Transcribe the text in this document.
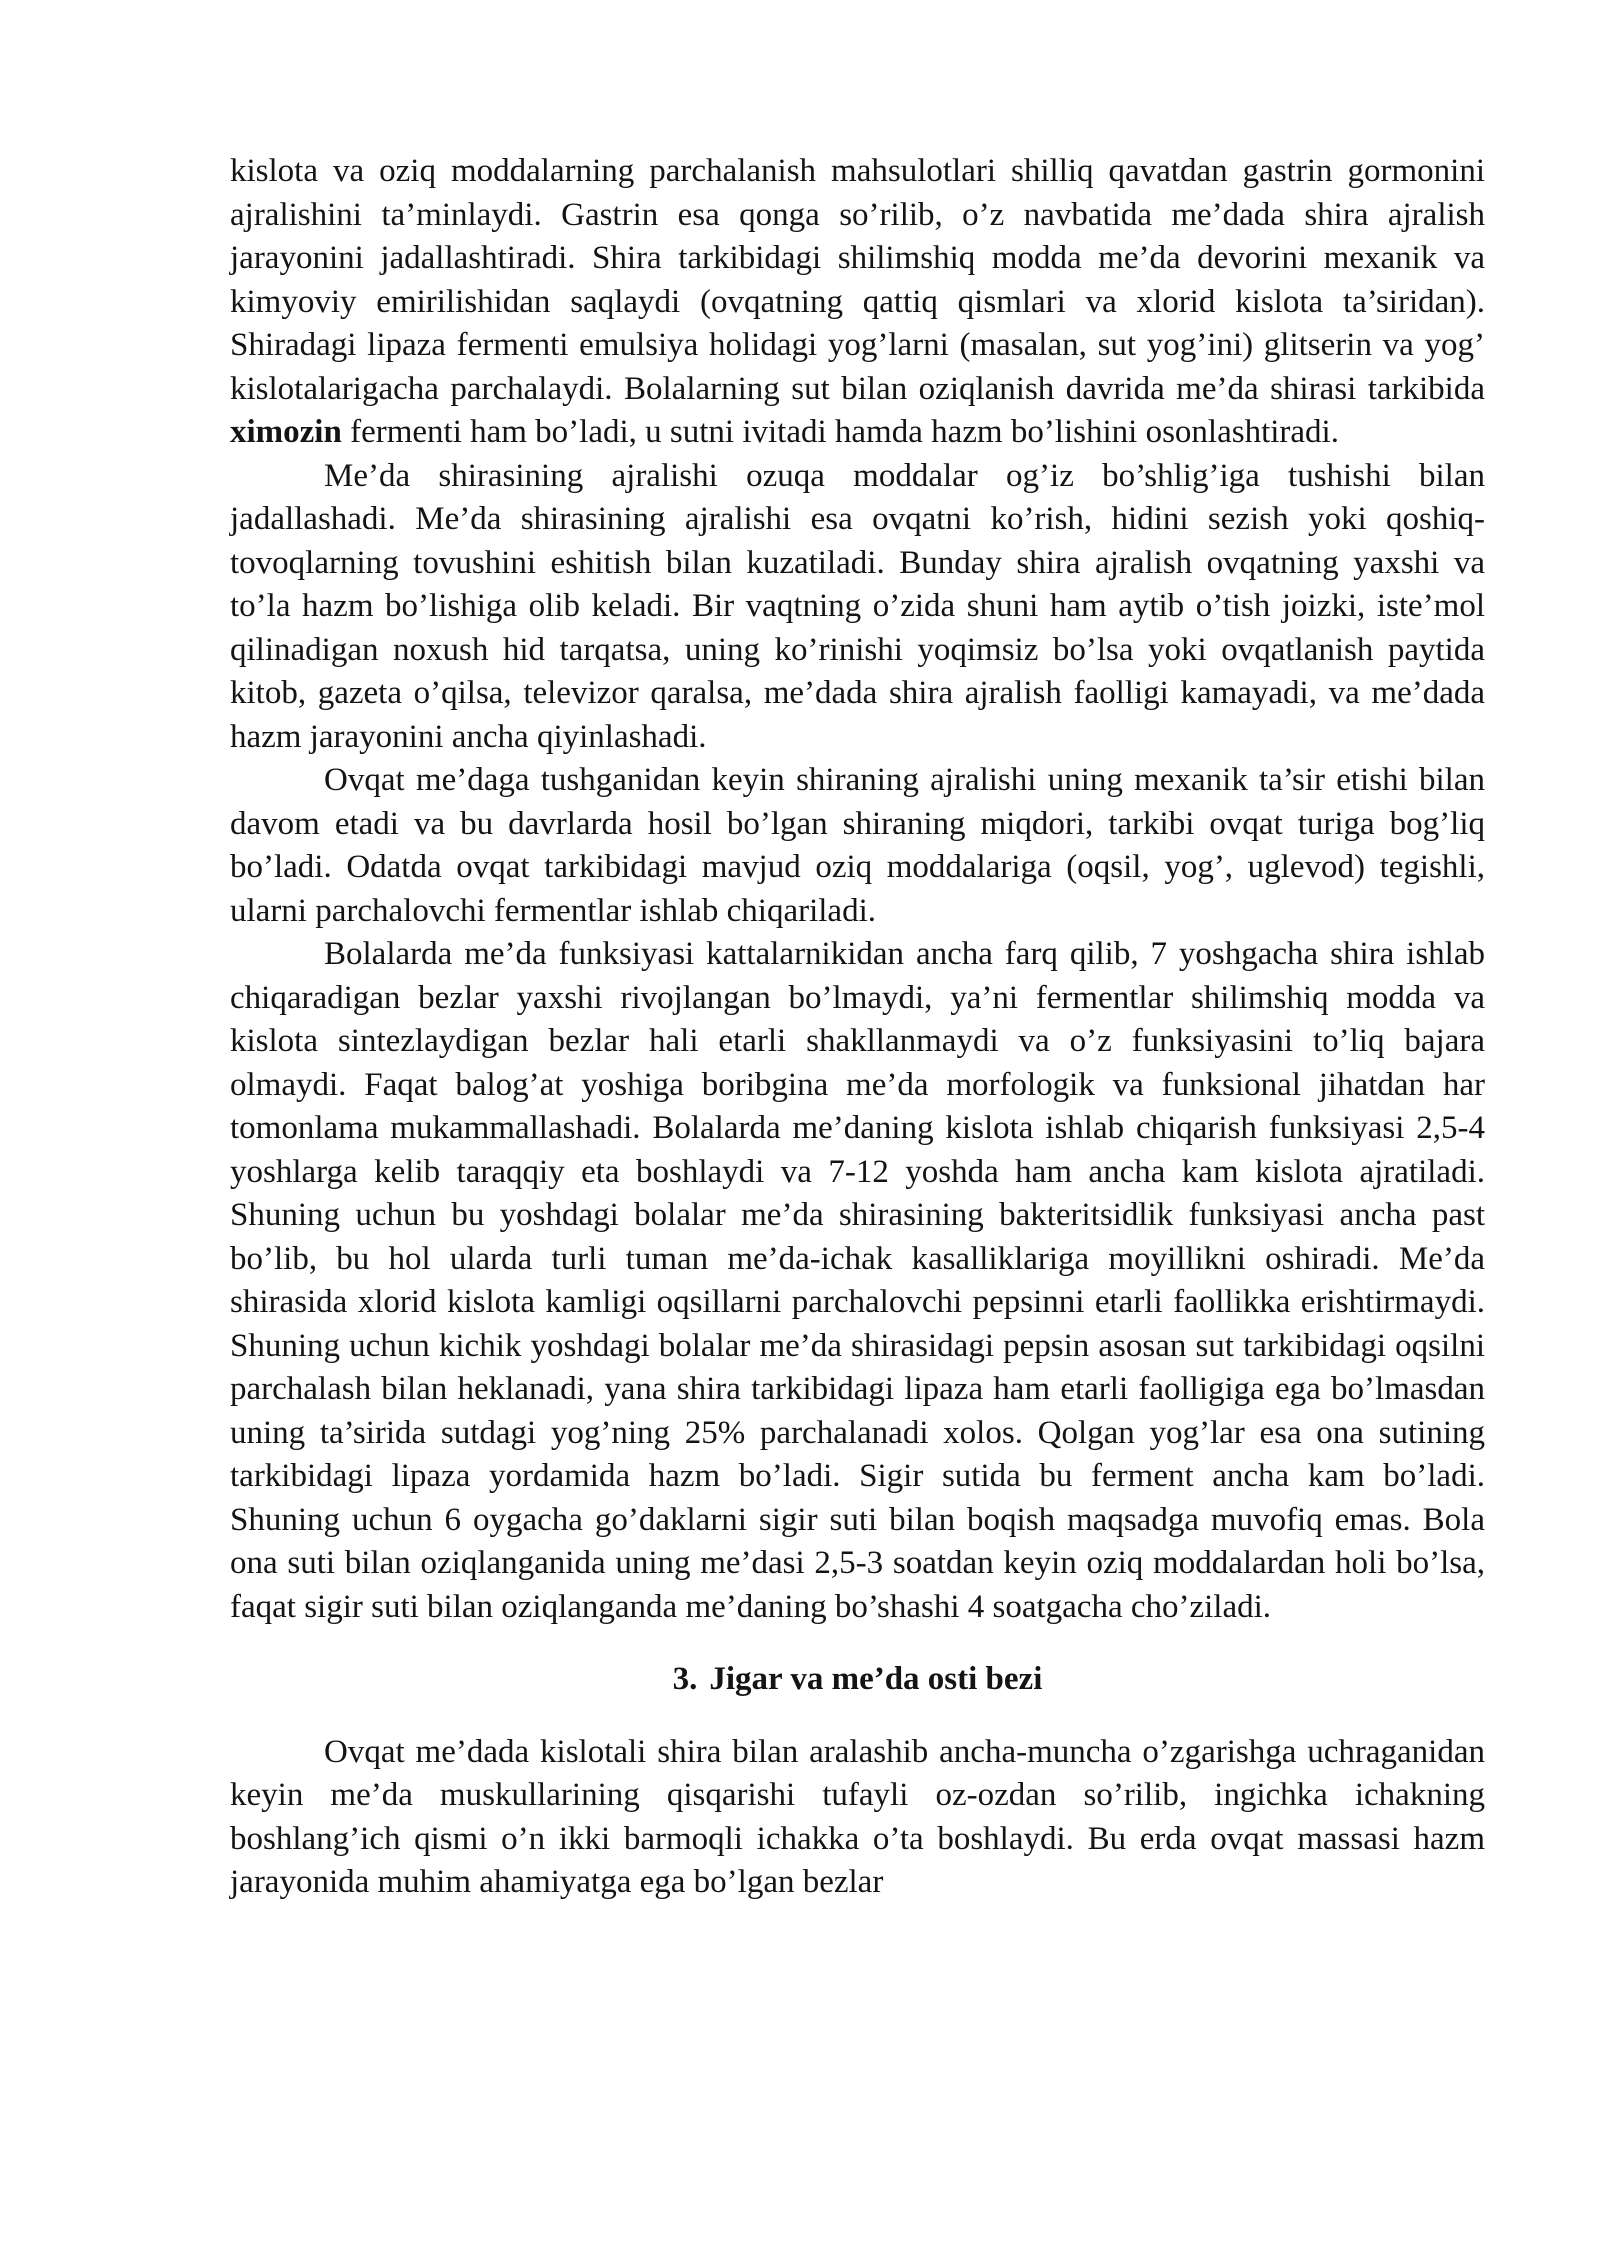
kislota va oziq moddalarning parchalanish mahsulotlari shilliq qavatdan gastrin gormonini ajralishini ta’minlaydi. Gastrin esa qonga so’rilib, o’z navbatida me’dada shira ajralish jarayonini jadallashtiradi. Shira tarkibidagi shilimshiq modda me’da devorini mexanik va kimyoviy emirilishidan saqlaydi (ovqatning qattiq qismlari va xlorid kislota ta’siridan). Shiradagi lipaza fermenti emulsiya holidagi yog’larni (masalan, sut yog’ini) glitserin va yog’ kislotalarigacha parchalaydi. Bolalarning sut bilan oziqlanish davrida me’da shirasi tarkibida ximozin fermenti ham bo’ladi, u sutni ivitadi hamda hazm bo’lishini osonlashtiradi.

Me’da shirasining ajralishi ozuqa moddalar og’iz bo’shlig’iga tushishi bilan jadallashadi. Me’da shirasining ajralishi esa ovqatni ko’rish, hidini sezish yoki qoshiq-tovoqlarning tovushini eshitish bilan kuzatiladi. Bunday shira ajralish ovqatning yaxshi va to’la hazm bo’lishiga olib keladi. Bir vaqtning o’zida shuni ham aytib o’tish joizki, iste’mol qilinadigan noxush hid tarqatsa, uning ko’rinishi yoqimsiz bo’lsa yoki ovqatlanish paytida kitob, gazeta o’qilsa, televizor qaralsa, me’dada shira ajralish faolligi kamayadi, va me’dada hazm jarayonini ancha qiyinlashadi.

Ovqat me’daga tushganidan keyin shiraning ajralishi uning mexanik ta’sir etishi bilan davom etadi va bu davrlarda hosil bo’lgan shiraning miqdori, tarkibi ovqat turiga bog’liq bo’ladi. Odatda ovqat tarkibidagi mavjud oziq moddalariga (oqsil, yog’, uglevod) tegishli, ularni parchalovchi fermentlar ishlab chiqariladi.

Bolalarda me’da funksiyasi kattalarnikidan ancha farq qilib, 7 yoshgacha shira ishlab chiqaradigan bezlar yaxshi rivojlangan bo’lmaydi, ya’ni fermentlar shilimshiq modda va kislota sintezlaydigan bezlar hali etarli shakllanmaydi va o’z funksiyasini to’liq bajara olmaydi. Faqat balog’at yoshiga boribgina me’da morfologik va funksional jihatdan har tomonlama mukammallashadi. Bolalarda me’daning kislota ishlab chiqarish funksiyasi 2,5-4 yoshlarga kelib taraqqiy eta boshlaydi va 7-12 yoshda ham ancha kam kislota ajratiladi. Shuning uchun bu yoshdagi bolalar me’da shirasining bakteritsidlik funksiyasi ancha past bo’lib, bu hol ularda turli tuman me’da-ichak kasalliklariga moyillikni oshiradi. Me’da shirasida xlorid kislota kamligi oqsillarni parchalovchi pepsinni etarli faollikka erishtirmaydi. Shuning uchun kichik yoshdagi bolalar me’da shirasidagi pepsin asosan sut tarkibidagi oqsilni parchalash bilan heklanadi, yana shira tarkibidagi lipaza ham etarli faolligiga ega bo’lmasdan uning ta’sirida sutdagi yog’ning 25% parchalanadi xolos. Qolgan yog’lar esa ona sutining tarkibidagi lipaza yordamida hazm bo’ladi. Sigir sutida bu ferment ancha kam bo’ladi. Shuning uchun 6 oygacha go’daklarni sigir suti bilan boqish maqsadga muvofiq emas. Bola ona suti bilan oziqlanganida uning me’dasi 2,5-3 soatdan keyin oziq moddalardan holi bo’lsa, faqat sigir suti bilan oziqlanganda me’daning bo’shashi 4 soatgacha cho’ziladi.

3. Jigar va me’da osti bezi

Ovqat me’dada kislotali shira bilan aralashib ancha-muncha o’zgarishga uchraganidan keyin me’da muskullarining qisqarishi tufayli oz-ozdan so’rilib, ingichka ichakning boshlang’ich qismi o’n ikki barmoqli ichakka o’ta boshlaydi. Bu erda ovqat massasi hazm jarayonida muhim ahamiyatga ega bo’lgan bezlar
